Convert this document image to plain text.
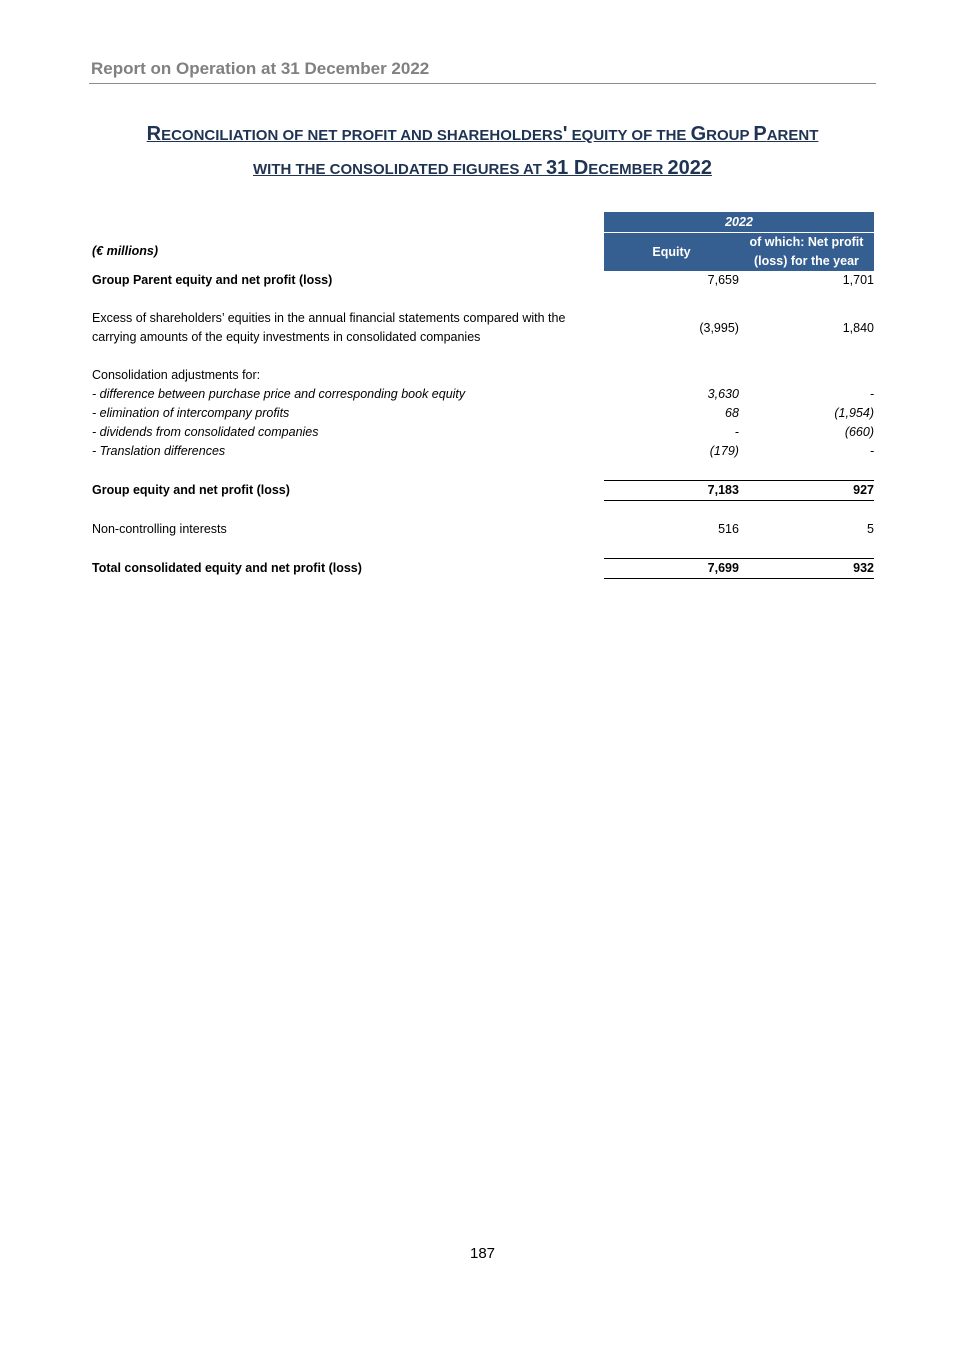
Report on Operation at 31 December 2022
RECONCILIATION OF NET PROFIT AND SHAREHOLDERS' EQUITY OF THE GROUP PARENT
WITH THE CONSOLIDATED FIGURES AT 31 DECEMBER 2022
	2022	
(€ millions)	Equity	of which: Net profit (loss) for the year
Group Parent equity and net profit (loss)	7,659	1,701

Excess of shareholders’ equities in the annual financial statements compared with the carrying amounts of the equity investments in consolidated companies	(3,995)	1,840

Consolidation adjustments for:		
- difference between purchase price and corresponding book equity	3,630	-
- elimination of intercompany profits	68	(1,954)
- dividends from consolidated companies	-	(660)
- Translation differences	(179)	-

Group equity and net profit (loss)	7,183	927

Non-controlling interests	516	5

Total consolidated equity and net profit (loss)	7,699	932
187
